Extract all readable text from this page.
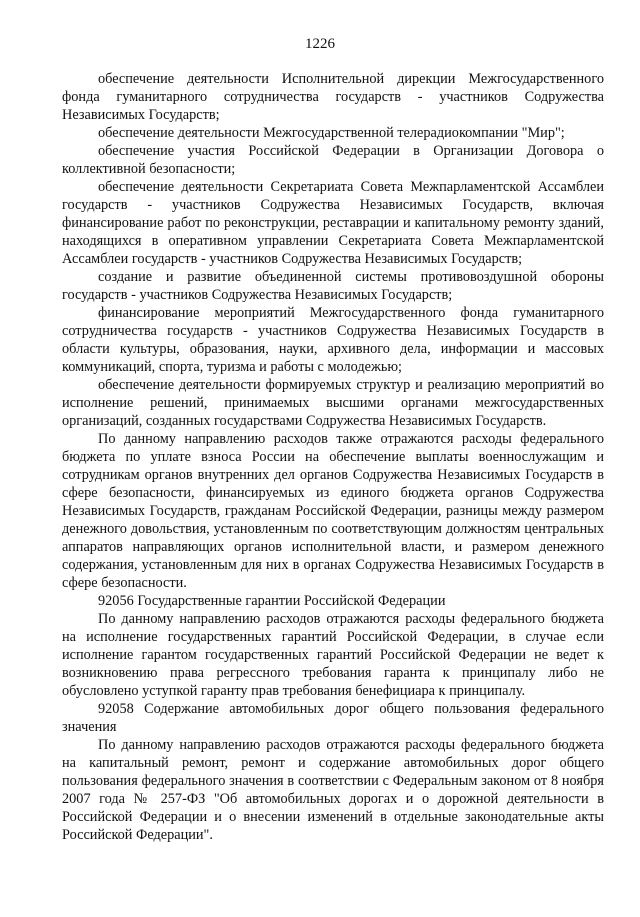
1226

обеспечение деятельности Исполнительной дирекции Межгосударственного фонда гуманитарного сотрудничества государств - участников Содружества Независимых Государств;

обеспечение деятельности Межгосударственной телерадиокомпании "Мир";

обеспечение участия Российской Федерации в Организации Договора о коллективной безопасности;

обеспечение деятельности Секретариата Совета Межпарламентской Ассамблеи государств - участников Содружества Независимых Государств, включая финансирование работ по реконструкции, реставрации и капитальному ремонту зданий, находящихся в оперативном управлении Секретариата Совета Межпарламентской Ассамблеи государств - участников Содружества Независимых Государств;

создание и развитие объединенной системы противовоздушной обороны государств - участников Содружества Независимых Государств;

финансирование мероприятий Межгосударственного фонда гуманитарного сотрудничества государств - участников Содружества Независимых Государств в области культуры, образования, науки, архивного дела, информации и массовых коммуникаций, спорта, туризма и работы с молодежью;

обеспечение деятельности формируемых структур и реализацию мероприятий во исполнение решений, принимаемых высшими органами межгосударственных организаций, созданных государствами Содружества Независимых Государств.

По данному направлению расходов также отражаются расходы федерального бюджета по уплате взноса России на обеспечение выплаты военнослужащим и сотрудникам органов внутренних дел органов Содружества Независимых Государств в сфере безопасности, финансируемых из единого бюджета органов Содружества Независимых Государств, гражданам Российской Федерации, разницы между размером денежного довольствия, установленным по соответствующим должностям центральных аппаратов направляющих органов исполнительной власти, и размером денежного содержания, установленным для них в органах Содружества Независимых Государств в сфере безопасности.

92056 Государственные гарантии Российской Федерации

По данному направлению расходов отражаются расходы федерального бюджета на исполнение государственных гарантий Российской Федерации, в случае если исполнение гарантом государственных гарантий Российской Федерации не ведет к возникновению права регрессного требования гаранта к принципалу либо не обусловлено уступкой гаранту прав требования бенефициара к принципалу.

92058 Содержание автомобильных дорог общего пользования федерального значения

По данному направлению расходов отражаются расходы федерального бюджета на капитальный ремонт, ремонт и содержание автомобильных дорог общего пользования федерального значения в соответствии с Федеральным законом от 8 ноября 2007 года № 257-ФЗ "Об автомобильных дорогах и о дорожной деятельности в Российской Федерации и о внесении изменений в отдельные законодательные акты Российской Федерации".
